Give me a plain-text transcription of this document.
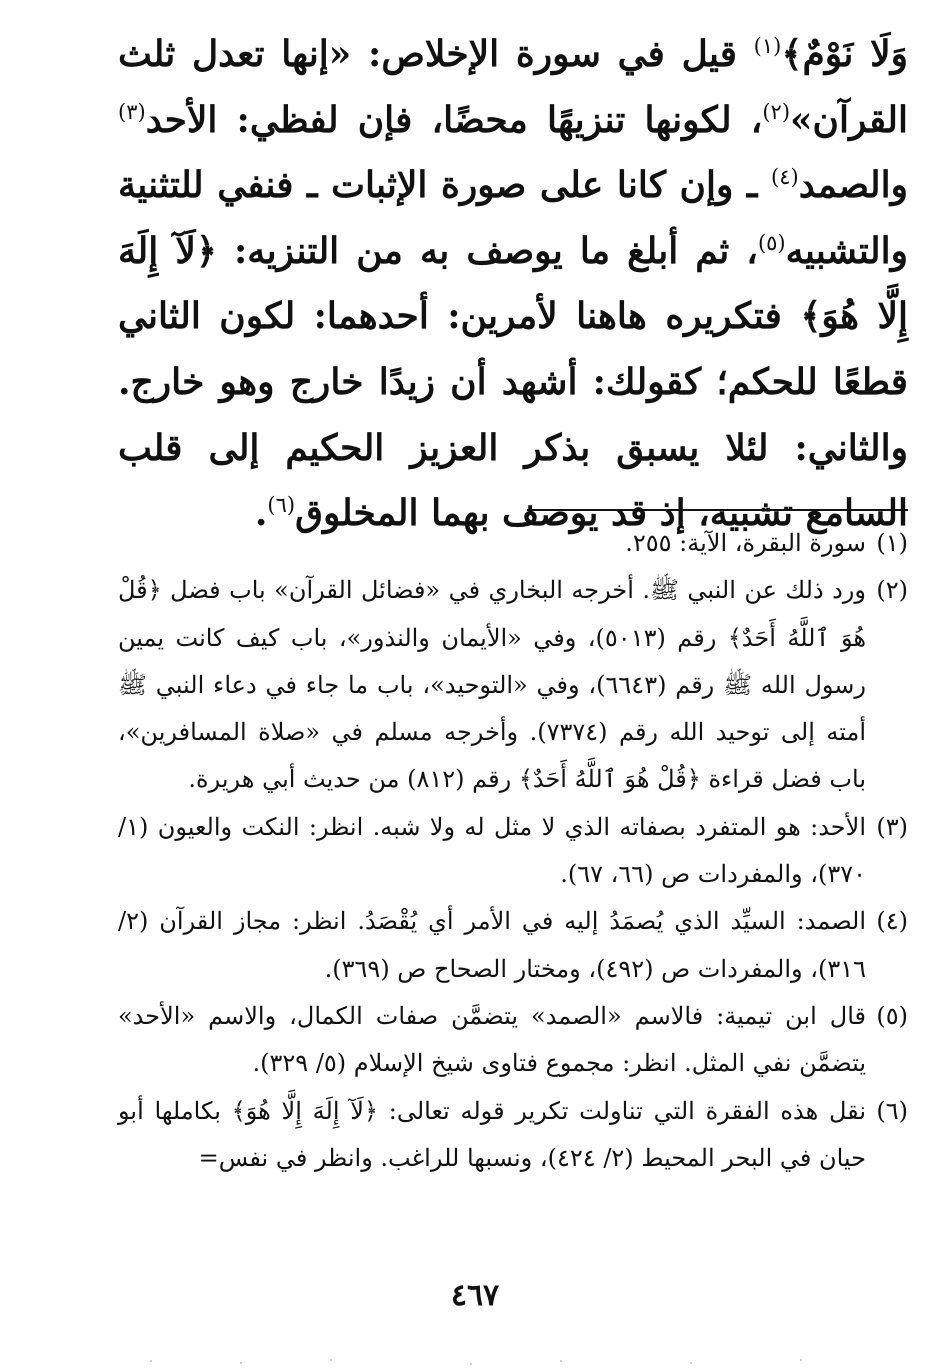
وَلَا نَوْمٌ﴾$^{(١)}$ قيل في سورة الإخلاص: «إنها تعدل ثلث القرآن»$^{(٢)}$، لكونها تنزيهًا محضًا، فإن لفظي: الأحد$^{(٣)}$ والصمد$^{(٤)}$ ـ وإن كانا على صورة الإثبات ـ فنفي للتثنية والتشبيه$^{(٥)}$، ثم أبلغ ما يوصف به من التنزيه: ﴿لَآ إِلَهَ إِلَّا هُوَ﴾ فتكريره هاهنا لأمرين: أحدهما: لكون الثاني قطعًا للحكم؛ كقولك: أشهد أن زيدًا خارج وهو خارج. والثاني: لئلا يسبق بذكر العزيز الحكيم إلى قلب السامع تشبيه، إذ قد يوصف بهما المخلوق$^{(٦)}$.

(١)
سورة البقرة، الآية: ٢٥٥.
(٢)
ورد ذلك عن النبي ﷺ. أخرجه البخاري في «فضائل القرآن» باب فضل ﴿قُلْ هُوَ ٱللَّهُ أَحَدٌ﴾ رقم (٥٠١٣)، وفي «الأيمان والنذور»، باب كيف كانت يمين رسول الله ﷺ رقم (٦٦٤٣)، وفي «التوحيد»، باب ما جاء في دعاء النبي ﷺ أمته إلى توحيد الله رقم (٧٣٧٤). وأخرجه مسلم في «صلاة المسافرين»، باب فضل قراءة ﴿قُلْ هُوَ ٱللَّهُ أَحَدٌ﴾ رقم (٨١٢) من حديث أبي هريرة.
(٣)
الأحد: هو المتفرد بصفاته الذي لا مثل له ولا شبه. انظر: النكت والعيون (١/ ٣٧٠)، والمفردات ص (٦٦، ٦٧).
(٤)
الصمد: السيِّد الذي يُصمَدُ إليه في الأمر أي يُقْصَدُ. انظر: مجاز القرآن (٢/ ٣١٦)، والمفردات ص (٤٩٢)، ومختار الصحاح ص (٣٦٩).
(٥)
قال ابن تيمية: فالاسم «الصمد» يتضمَّن صفات الكمال، والاسم «الأحد» يتضمَّن نفي المثل. انظر: مجموع فتاوى شيخ الإسلام (٥/ ٣٢٩).
(٦)
نقل هذه الفقرة التي تناولت تكرير قوله تعالى: ﴿لَآ إِلَهَ إِلَّا هُوَ﴾ بكاملها أبو حيان في البحر المحيط (٢/ ٤٢٤)، ونسبها للراغب. وانظر في نفس=
٤٦٧
